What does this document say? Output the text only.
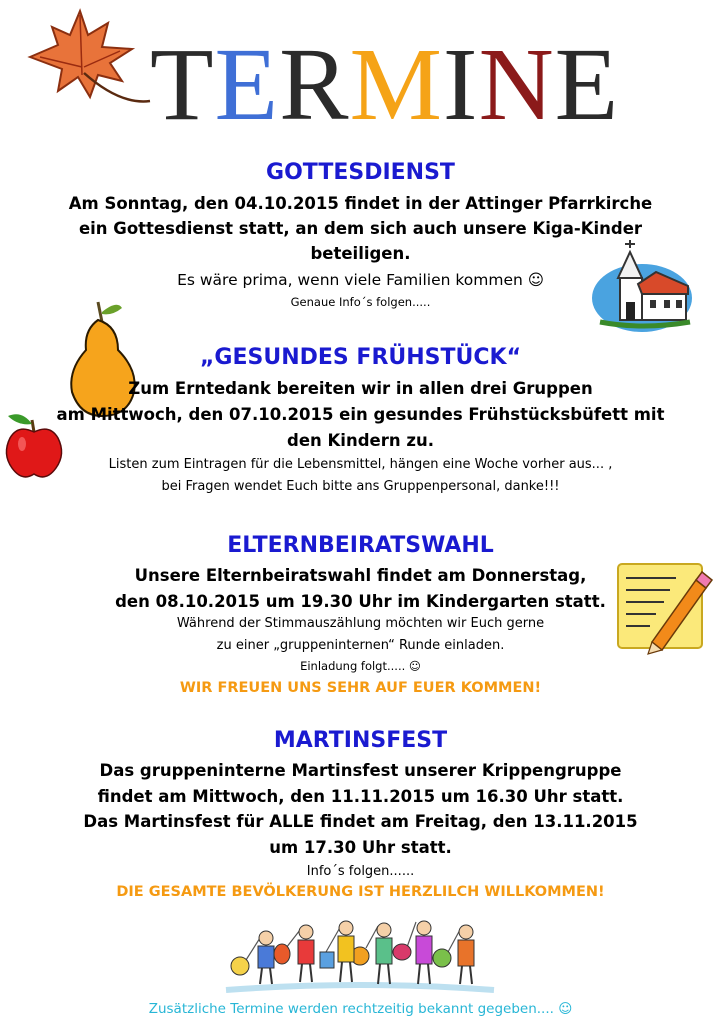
TERMINE
GOTTESDIENST
Am Sonntag, den 04.10.2015 findet in der Attinger Pfarrkirche
ein Gottesdienst statt, an dem sich auch unsere Kiga-Kinder
beteiligen.
Es wäre prima, wenn viele Familien kommen ☺
Genaue Info´s folgen.....
„GESUNDES FRÜHSTÜCK“
Zum Erntedank bereiten wir in allen drei Gruppen
am Mittwoch, den 07.10.2015 ein gesundes Frühstücksbüfett mit
den Kindern zu.
Listen zum Eintragen für die Lebensmittel, hängen eine Woche vorher aus... ,
bei Fragen wendet Euch bitte ans Gruppenpersonal, danke!!!
ELTERNBEIRATSWAHL
Unsere Elternbeiratswahl findet am Donnerstag,
den 08.10.2015 um 19.30 Uhr im Kindergarten statt.
Während der Stimmauszählung möchten wir Euch gerne
zu einer „gruppeninternen“ Runde einladen.
Einladung folgt..... ☺
WIR FREUEN UNS SEHR AUF EUER KOMMEN!
MARTINSFEST
Das gruppeninterne Martinsfest unserer Krippengruppe
findet am Mittwoch, den 11.11.2015 um 16.30 Uhr statt.
Das Martinsfest für ALLE findet am Freitag, den 13.11.2015
um 17.30 Uhr statt.
Info´s folgen......
DIE GESAMTE BEVÖLKERUNG IST HERZLILCH WILLKOMMEN!
Zusätzliche Termine werden rechtzeitig bekannt gegeben.... ☺
